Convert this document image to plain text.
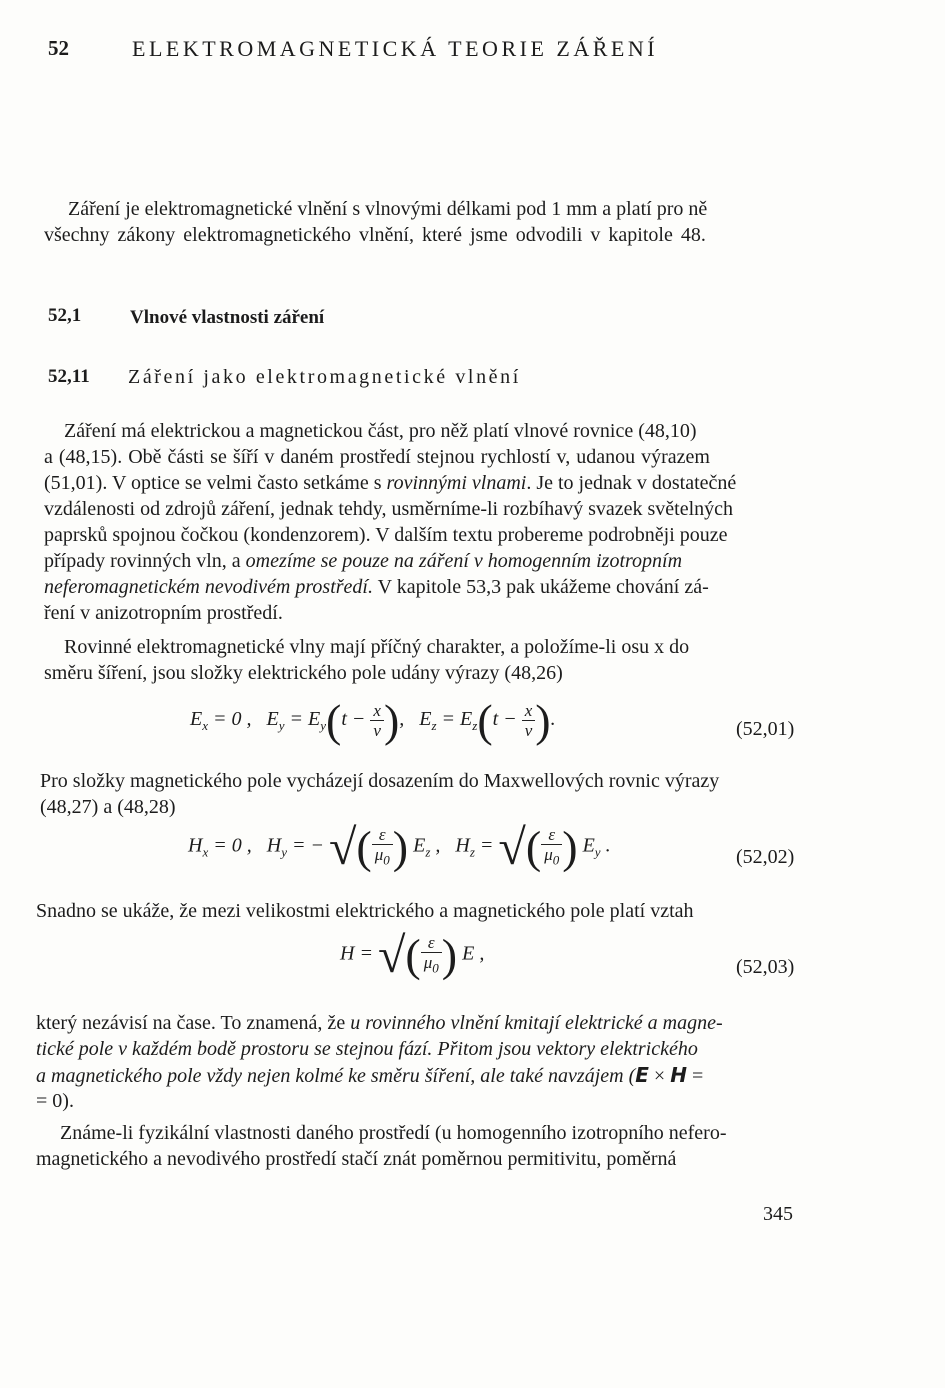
52	ELEKTROMAGNETICKÁ TEORIE ZÁŘENÍ
Záření je elektromagnetické vlnění s vlnovými délkami pod 1 mm a platí pro ně
všechny zákony elektromagnetického vlnění, které jsme odvodili v kapitole 48.
52,1	Vlnové vlastnosti záření
52,11 Záření jako elektromagnetické vlnění
Záření má elektrickou a magnetickou část, pro něž platí vlnové rovnice (48,10)
a (48,15). Obě části se šíří v daném prostředí stejnou rychlostí v, udanou výrazem
(51,01). V optice se velmi často setkáme s rovinnými vlnami. Je to jednak v dostatečné
vzdálenosti od zdrojů záření, jednak tehdy, usměrníme-li rozbíhavý svazek světelných
paprsků spojnou čočkou (kondenzorem). V dalším textu probereme podrobněji pouze
případy rovinných vln, a omezíme se pouze na záření v homogenním izotropním
neferomagnetickém nevodivém prostředí. V kapitole 53,3 pak ukážeme chování zá-
ření v anizotropním prostředí.
Rovinné elektromagnetické vlny mají příčný charakter, a položíme-li osu x do
směru šíření, jsou složky elektrického pole udány výrazy (48,26)
$E_x = 0$ ,   $E_y = E_y(t - \frac{x}{v}$ ),   $E_z = E_z(t - \frac{x}{v}$ ).	(52,01)
Pro složky magnetického pole vycházejí dosazením do Maxwellových rovnic výrazy
(48,27) a (48,28)
$H_x = 0$ ,   $H_y$ = − √( $\frac{\varepsilon}{\mu_0}$ ) $E_z$ ,   $H_z$ = √( $\frac{\varepsilon}{\mu_0}$ ) $E_y$ .
(52,02)
Snadno se ukáže, že mezi velikostmi elektrického a magnetického pole platí vztah
H = √( $\frac{\varepsilon}{\mu_0}$ ) E ,
(52,03)
který nezávisí na čase. To znamená, že u rovinného vlnění kmitají elektrické a magne-
tické pole v každém bodě prostoru se stejnou fází. Přitom jsou vektory elektrického
a magnetického pole vždy nejen kolmé ke směru šíření, ale také navzájem (E × H =
= 0).
Známe-li fyzikální vlastnosti daného prostředí (u homogenního izotropního nefero-
magnetického a nevodivého prostředí stačí znát poměrnou permitivitu, poměrná
345
